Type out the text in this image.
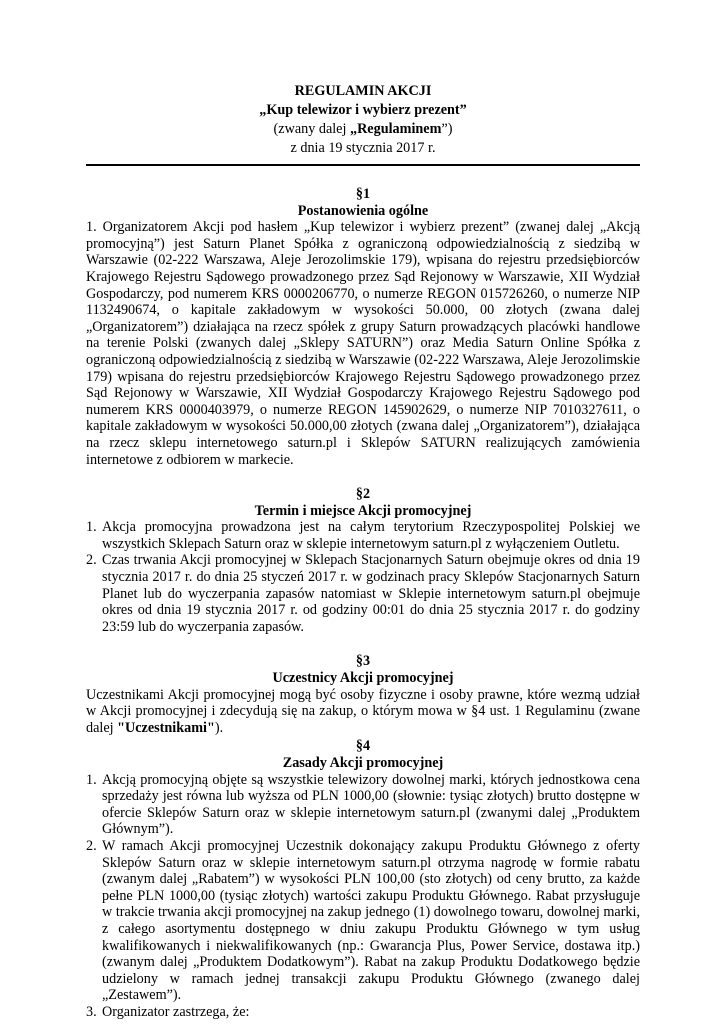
REGULAMIN AKCJI
„Kup telewizor i wybierz prezent”
(zwany dalej „Regulaminem”)
z dnia 19 stycznia 2017 r.
§1
Postanowienia ogólne
1. Organizatorem Akcji pod hasłem „Kup telewizor i wybierz prezent” (zwanej dalej „Akcją promocyjną”) jest Saturn Planet Spółka z ograniczoną odpowiedzialnością z siedzibą w Warszawie (02-222 Warszawa, Aleje Jerozolimskie 179), wpisana do rejestru przedsiębiorców Krajowego Rejestru Sądowego prowadzonego przez Sąd Rejonowy w Warszawie, XII Wydział Gospodarczy, pod numerem KRS 0000206770, o numerze REGON 015726260, o numerze NIP 1132490674, o kapitale zakładowym w wysokości 50.000, 00 złotych (zwana dalej „Organizatorem”) działająca na rzecz spółek z grupy Saturn prowadzących placówki handlowe na terenie Polski (zwanych dalej „Sklepy SATURN”) oraz Media Saturn Online Spółka z ograniczoną odpowiedzialnością z siedzibą w Warszawie (02-222 Warszawa, Aleje Jerozolimskie 179) wpisana do rejestru przedsiębiorców Krajowego Rejestru Sądowego prowadzonego przez Sąd Rejonowy w Warszawie, XII Wydział Gospodarczy Krajowego Rejestru Sądowego pod numerem KRS 0000403979, o numerze REGON 145902629, o numerze NIP 7010327611, o kapitale zakładowym w wysokości 50.000,00 złotych (zwana dalej „Organizatorem”), działająca na rzecz sklepu internetowego saturn.pl i Sklepów SATURN realizujących zamówienia internetowe z odbiorem w markecie.
§2
Termin i miejsce Akcji promocyjnej
1. Akcja promocyjna prowadzona jest na całym terytorium Rzeczypospolitej Polskiej we wszystkich Sklepach Saturn oraz w sklepie internetowym saturn.pl z wyłączeniem Outletu.
2. Czas trwania Akcji promocyjnej w Sklepach Stacjonarnych Saturn obejmuje okres od dnia 19 stycznia 2017 r. do dnia 25 styczeń 2017 r. w godzinach pracy Sklepów Stacjonarnych Saturn Planet lub do wyczerpania zapasów natomiast w Sklepie internetowym saturn.pl obejmuje okres od dnia 19 stycznia 2017 r. od godziny 00:01 do dnia 25 stycznia 2017 r. do godziny 23:59 lub do wyczerpania zapasów.
§3
Uczestnicy Akcji promocyjnej
Uczestnikami Akcji promocyjnej mogą być osoby fizyczne i osoby prawne, które wezmą udział w Akcji promocyjnej i zdecydują się na zakup, o którym mowa w §4 ust. 1 Regulaminu (zwane dalej "Uczestnikami").
§4
Zasady Akcji promocyjnej
1. Akcją promocyjną objęte są wszystkie telewizory dowolnej marki, których jednostkowa cena sprzedaży jest równa lub wyższa od PLN 1000,00 (słownie: tysiąc złotych) brutto dostępne w ofercie Sklepów Saturn oraz w sklepie internetowym saturn.pl (zwanymi dalej „Produktem Głównym”).
2. W ramach Akcji promocyjnej Uczestnik dokonający zakupu Produktu Głównego z oferty Sklepów Saturn oraz w sklepie internetowym saturn.pl otrzyma nagrodę w formie rabatu (zwanym dalej „Rabatem”) w wysokości PLN 100,00 (sto złotych) od ceny brutto, za każde pełne PLN 1000,00 (tysiąc złotych) wartości zakupu Produktu Głównego. Rabat przysługuje w trakcie trwania akcji promocyjnej na zakup jednego (1) dowolnego towaru, dowolnej marki, z całego asortymentu dostępnego w dniu zakupu Produktu Głównego w tym usług kwalifikowanych i niekwalifikowanych (np.: Gwarancja Plus, Power Service, dostawa itp.) (zwanym dalej „Produktem Dodatkowym”). Rabat na zakup Produktu Dodatkowego będzie udzielony w ramach jednej transakcji zakupu Produktu Głównego (zwanego dalej „Zestawem”).
3. Organizator zastrzega, że:
